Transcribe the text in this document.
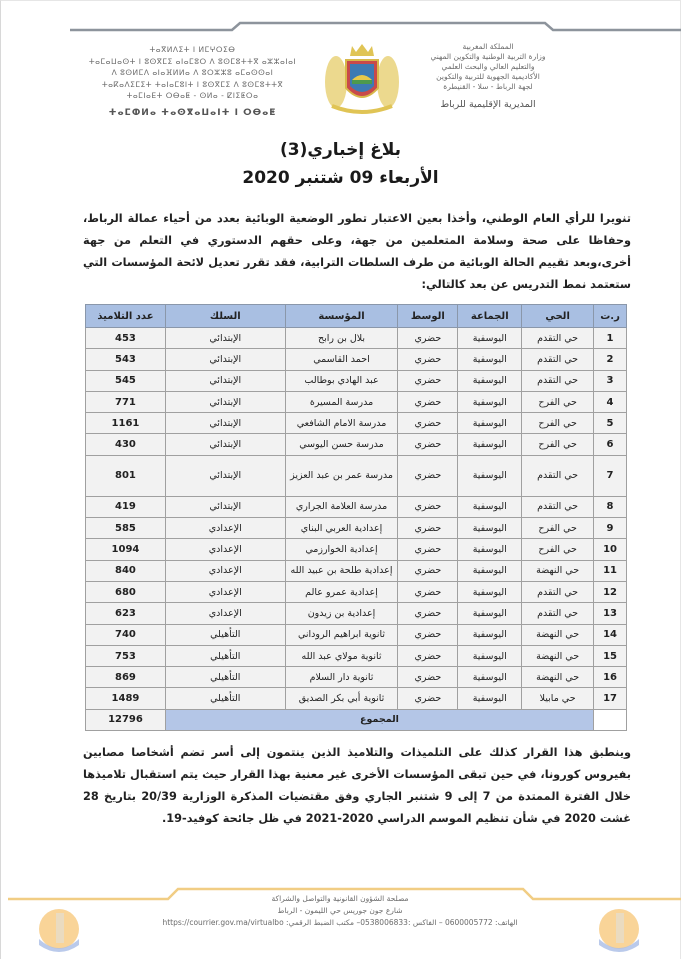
ⵜⴰⴳⵍⴷⵉⵜ ⵏ ⵍⵎⵖⵔⵉⴱ
ⵜⴰⵎⴰⵡⴰⵙⵜ ⵏ ⵓⵙⴳⵎⵉ ⴰⵏⴰⵎⵓⵔ ⴷ ⵓⵙⵎⵓⵜⵜⴳ ⴰⵣⵣⴰⵏⴰⵏ
ⴷ ⵓⵙⵍⵎⴷ ⴰⵏⴰⴼⵍⵍⴰ ⴷ ⵓⵔⵣⵣⵓ ⴰⵎⴰⵙⵙⴰⵏ
ⵜⴰⴽⴰⴷⵉⵎⵉⵜ ⵜⴰⵏⴰⵎⵓⵏⵜ ⵏ ⵓⵙⴳⵎⵉ ⴷ ⵓⵙⵎⵓⵜⵜⴳ
ⵜⴰⵎⵏⴰⴹⵜ ⵔⴱⴰⵟ - ⵙⵍⴰ - ⵇⵏⵉⵟⵔⴰ
ⵜⴰⵎⵀⵍⴰ ⵜⴰⵙⴳⴰⵡⴰⵏⵜ ⵏ ⵔⴱⴰⵟ
المملكة المغربية
وزارة التربية الوطنية والتكوين المهني
والتعليم العالي والبحث العلمي
الأكاديمية الجهوية للتربية والتكوين
لجهة الرباط - سلا - القنيطرة
المديرية الإقليمية للرباط
بلاغ إخباري(3)
الأربعاء 09 شتنبر 2020
تنويرا للرأي العام الوطني، وأخذا بعين الاعتبار تطور الوضعية الوبائية بعدد من أحياء عمالة الرباط، وحفاظا على صحة وسلامة المتعلمين من جهة، وعلى حقهم الدستوري في التعلم من جهة أخرى،وبعد تقييم الحالة الوبائية من طرف السلطات الترابية، فقد تقرر تعديل لائحة المؤسسات التي ستعتمد نمط التدريس عن بعد كالتالي:
ر.ت	الحي	الجماعة	الوسط	المؤسسة	السلك	عدد التلاميذ
1	حي التقدم	اليوسفية	حضري	بلال بن رابح	الإبتدائي	453
2	حي التقدم	اليوسفية	حضري	احمد القاسمي	الإبتدائي	543
3	حي التقدم	اليوسفية	حضري	عبد الهادي بوطالب	الإبتدائي	545
4	حي الفرح	اليوسفية	حضري	مدرسة المسيرة	الإبتدائي	771
5	حي الفرح	اليوسفية	حضري	مدرسة الامام الشافعي	الإبتدائي	1161
6	حي الفرح	اليوسفية	حضري	مدرسة حسن اليوسي	الإبتدائي	430
7	حي التقدم	اليوسفية	حضري	مدرسة عمر بن عبد العزيز	الإبتدائي	801
8	حي التقدم	اليوسفية	حضري	مدرسة العلامة الجراري	الإبتدائي	419
9	حي الفرح	اليوسفية	حضري	إعدادية العربي البناي	الإعدادي	585
10	حي الفرح	اليوسفية	حضري	إعدادية الخوارزمي	الإعدادي	1094
11	حي النهضة	اليوسفية	حضري	إعدادية طلحة بن عبيد الله	الإعدادي	840
12	حي التقدم	اليوسفية	حضري	إعدادية عمرو عالم	الإعدادي	680
13	حي التقدم	اليوسفية	حضري	إعدادية بن زيدون	الإعدادي	623
14	حي النهضة	اليوسفية	حضري	ثانوية ابراهيم الروداني	التأهيلي	740
15	حي النهضة	اليوسفية	حضري	ثانوية مولاي عبد الله	التأهيلي	753
16	حي النهضة	اليوسفية	حضري	ثانوية دار السلام	التأهيلي	869
17	حي مابيلا	اليوسفية	حضري	ثانوية أبي بكر الصديق	التأهيلي	1489
	المجموع					12796
وينطبق هذا القرار كذلك على التلميذات والتلاميذ الذين ينتمون إلى أسر تضم أشخاصا مصابين بفيروس كورونا، في حين تبقى المؤسسات الأخرى غير معنية بهذا القرار حيث يتم استقبال تلاميذها خلال الفترة الممتدة من 7 إلى 9 شتنبر الجاري وفق مقتضيات المذكرة الوزارية 20/39 بتاريخ 28 غشت 2020 في شأن تنظيم الموسم الدراسي 2020-2021 في ظل جائحة كوفيد-19.
مصلحة الشؤون القانونية والتواصل والشراكة
شارع جون جوريس حي الليمون - الرباط
الهاتف: 0600005772 – الفاكس :0538006833– مكتب الضبط الرقمي: https://courrier.gov.ma/virtualbo
